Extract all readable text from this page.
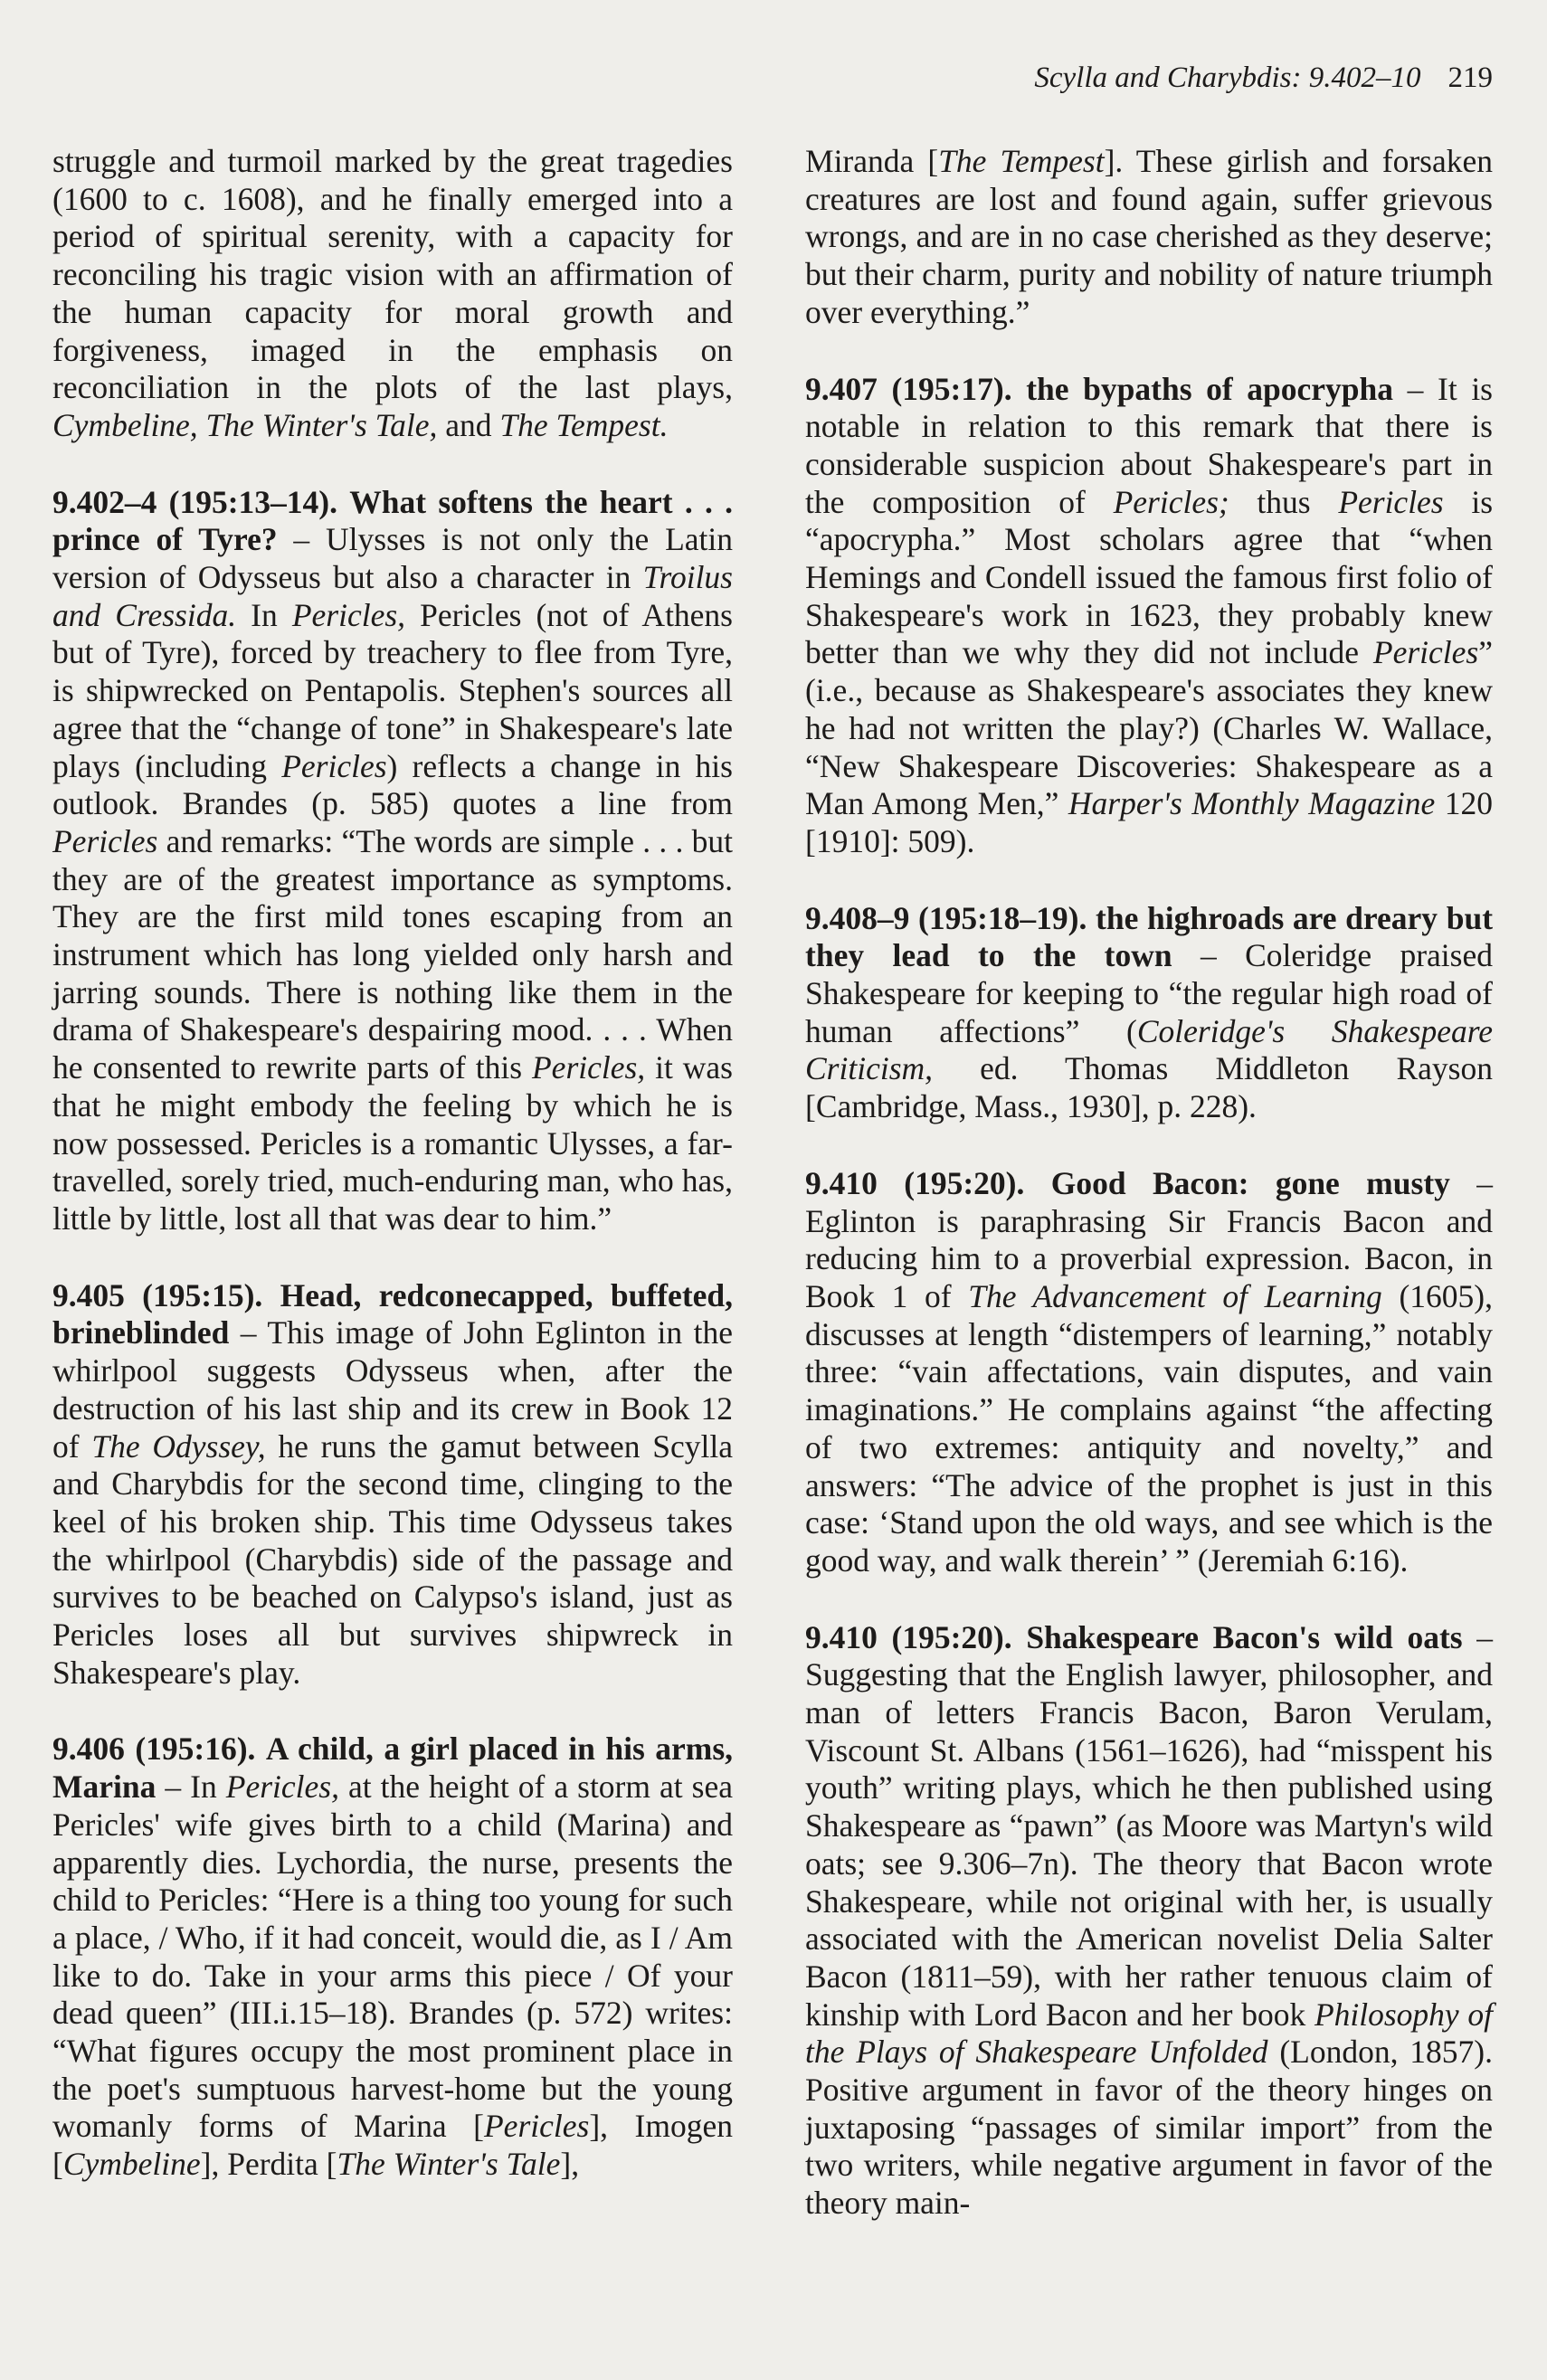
Scylla and Charybdis: 9.402–10 219

struggle and turmoil marked by the great tragedies (1600 to c. 1608), and he finally emerged into a period of spiritual serenity, with a capacity for reconciling his tragic vision with an affirmation of the human capacity for moral growth and forgiveness, imaged in the emphasis on reconciliation in the plots of the last plays, Cymbeline, The Winter's Tale, and The Tempest.

9.402–4 (195:13–14). What softens the heart . . . prince of Tyre? – Ulysses is not only the Latin version of Odysseus but also a character in Troilus and Cressida. In Pericles, Pericles (not of Athens but of Tyre), forced by treachery to flee from Tyre, is shipwrecked on Pentapolis. Stephen's sources all agree that the “change of tone” in Shakespeare's late plays (including Pericles) reflects a change in his outlook. Brandes (p. 585) quotes a line from Pericles and remarks: “The words are simple . . . but they are of the greatest importance as symptoms. They are the first mild tones escaping from an instrument which has long yielded only harsh and jarring sounds. There is nothing like them in the drama of Shakespeare's despairing mood. . . . When he consented to rewrite parts of this Pericles, it was that he might embody the feeling by which he is now possessed. Pericles is a romantic Ulysses, a far-travelled, sorely tried, much-enduring man, who has, little by little, lost all that was dear to him.”

9.405 (195:15). Head, redconecapped, buffeted, brineblinded – This image of John Eglinton in the whirlpool suggests Odysseus when, after the destruction of his last ship and its crew in Book 12 of The Odyssey, he runs the gamut between Scylla and Charybdis for the second time, clinging to the keel of his broken ship. This time Odysseus takes the whirlpool (Charybdis) side of the passage and survives to be beached on Calypso's island, just as Pericles loses all but survives shipwreck in Shakespeare's play.

9.406 (195:16). A child, a girl placed in his arms, Marina – In Pericles, at the height of a storm at sea Pericles' wife gives birth to a child (Marina) and apparently dies. Lychordia, the nurse, presents the child to Pericles: “Here is a thing too young for such a place, / Who, if it had conceit, would die, as I / Am like to do. Take in your arms this piece / Of your dead queen” (III.i.15–18). Brandes (p. 572) writes: “What figures occupy the most prominent place in the poet's sumptuous harvest-home but the young womanly forms of Marina [Pericles], Imogen [Cymbeline], Perdita [The Winter's Tale],

Miranda [The Tempest]. These girlish and forsaken creatures are lost and found again, suffer grievous wrongs, and are in no case cherished as they deserve; but their charm, purity and nobility of nature triumph over everything.”

9.407 (195:17). the bypaths of apocrypha – It is notable in relation to this remark that there is considerable suspicion about Shakespeare's part in the composition of Pericles; thus Pericles is “apocrypha.” Most scholars agree that “when Hemings and Condell issued the famous first folio of Shakespeare's work in 1623, they probably knew better than we why they did not include Pericles” (i.e., because as Shakespeare's associates they knew he had not written the play?) (Charles W. Wallace, “New Shakespeare Discoveries: Shakespeare as a Man Among Men,” Harper's Monthly Magazine 120 [1910]: 509).

9.408–9 (195:18–19). the highroads are dreary but they lead to the town – Coleridge praised Shakespeare for keeping to “the regular high road of human affections” (Coleridge's Shakespeare Criticism, ed. Thomas Middleton Rayson [Cambridge, Mass., 1930], p. 228).

9.410 (195:20). Good Bacon: gone musty – Eglinton is paraphrasing Sir Francis Bacon and reducing him to a proverbial expression. Bacon, in Book 1 of The Advancement of Learning (1605), discusses at length “distempers of learning,” notably three: “vain affectations, vain disputes, and vain imaginations.” He complains against “the affecting of two extremes: antiquity and novelty,” and answers: “The advice of the prophet is just in this case: ‘Stand upon the old ways, and see which is the good way, and walk therein’ ” (Jeremiah 6:16).

9.410 (195:20). Shakespeare Bacon's wild oats – Suggesting that the English lawyer, philosopher, and man of letters Francis Bacon, Baron Verulam, Viscount St. Albans (1561–1626), had “misspent his youth” writing plays, which he then published using Shakespeare as “pawn” (as Moore was Martyn's wild oats; see 9.306–7n). The theory that Bacon wrote Shakespeare, while not original with her, is usually associated with the American novelist Delia Salter Bacon (1811–59), with her rather tenuous claim of kinship with Lord Bacon and her book Philosophy of the Plays of Shakespeare Unfolded (London, 1857). Positive argument in favor of the theory hinges on juxtaposing “passages of similar import” from the two writers, while negative argument in favor of the theory main-
